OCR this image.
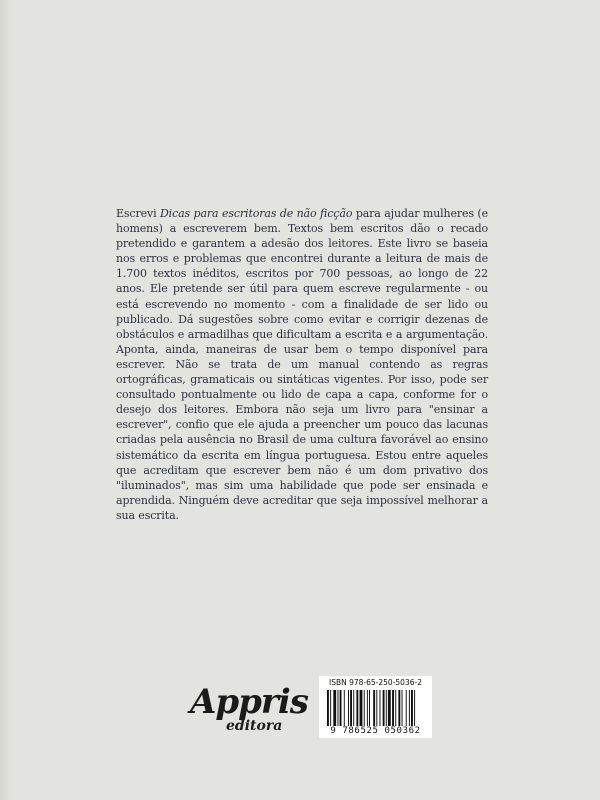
Escrevi Dicas para escritoras de não ficção para ajudar mulheres (e homens) a escreverem bem. Textos bem escritos dão o recado pretendido e garantem a adesão dos leitores. Este livro se baseia nos erros e problemas que encontrei durante a leitura de mais de 1.700 textos inéditos, escritos por 700 pessoas, ao longo de 22 anos. Ele pretende ser útil para quem escreve regularmente - ou está escrevendo no momento - com a finalidade de ser lido ou publicado. Dá sugestões sobre como evitar e corrigir dezenas de obstáculos e armadilhas que dificultam a escrita e a argumentação. Aponta, ainda, maneiras de usar bem o tempo disponível para escrever. Não se trata de um manual contendo as regras ortográficas, gramaticais ou sintáticas vigentes. Por isso, pode ser consultado pontualmente ou lido de capa a capa, conforme for o desejo dos leitores. Embora não seja um livro para "ensinar a escrever", confio que ele ajuda a preencher um pouco das lacunas criadas pela ausência no Brasil de uma cultura favorável ao ensino sistemático da escrita em língua portuguesa. Estou entre aqueles que acreditam que escrever bem não é um dom privativo dos "iluminados", mas sim uma habilidade que pode ser ensinada e aprendida. Ninguém deve acreditar que seja impossível melhorar a sua escrita.

Appris
editora
ISBN 978-65-250-5036-2
9 786525 050362
